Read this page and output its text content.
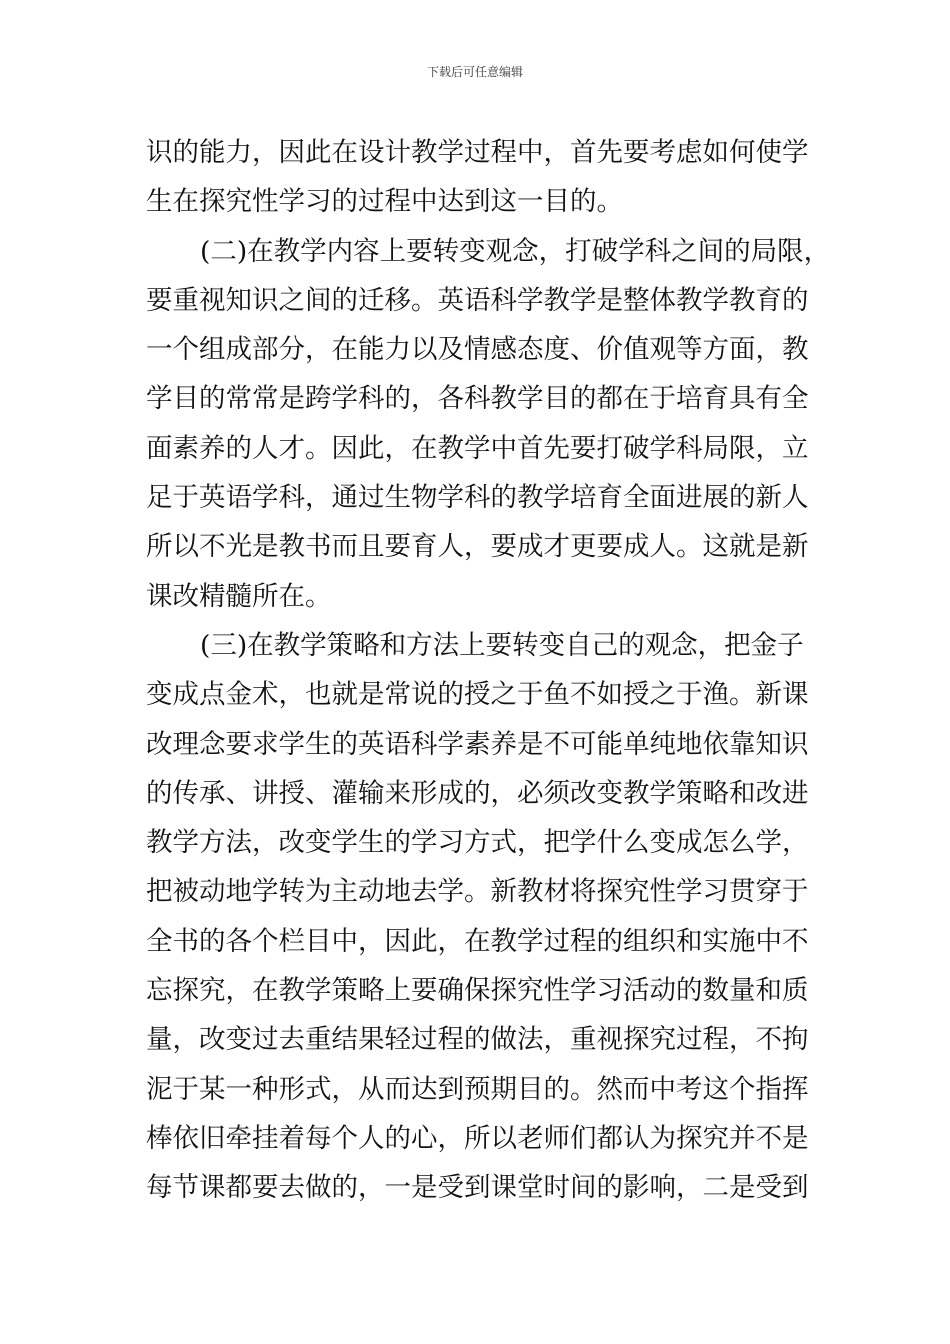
下载后可任意编辑
识的能力，因此在设计教学过程中，首先要考虑如何使学
生在探究性学习的过程中达到这一目的。
(二)在教学内容上要转变观念，打破学科之间的局限，
要重视知识之间的迁移。英语科学教学是整体教学教育的
一个组成部分，在能力以及情感态度、价值观等方面，教
学目的常常是跨学科的，各科教学目的都在于培育具有全
面素养的人才。因此，在教学中首先要打破学科局限，立
足于英语学科，通过生物学科的教学培育全面进展的新人
所以不光是教书而且要育人，要成才更要成人。这就是新
课改精髓所在。
(三)在教学策略和方法上要转变自己的观念，把金子
变成点金术，也就是常说的授之于鱼不如授之于渔。新课
改理念要求学生的英语科学素养是不可能单纯地依靠知识
的传承、讲授、灌输来形成的，必须改变教学策略和改进
教学方法，改变学生的学习方式，把学什么变成怎么学，
把被动地学转为主动地去学。新教材将探究性学习贯穿于
全书的各个栏目中，因此，在教学过程的组织和实施中不
忘探究，在教学策略上要确保探究性学习活动的数量和质
量，改变过去重结果轻过程的做法，重视探究过程，不拘
泥于某一种形式，从而达到预期目的。然而中考这个指挥
棒依旧牵挂着每个人的心，所以老师们都认为探究并不是
每节课都要去做的，一是受到课堂时间的影响，二是受到
